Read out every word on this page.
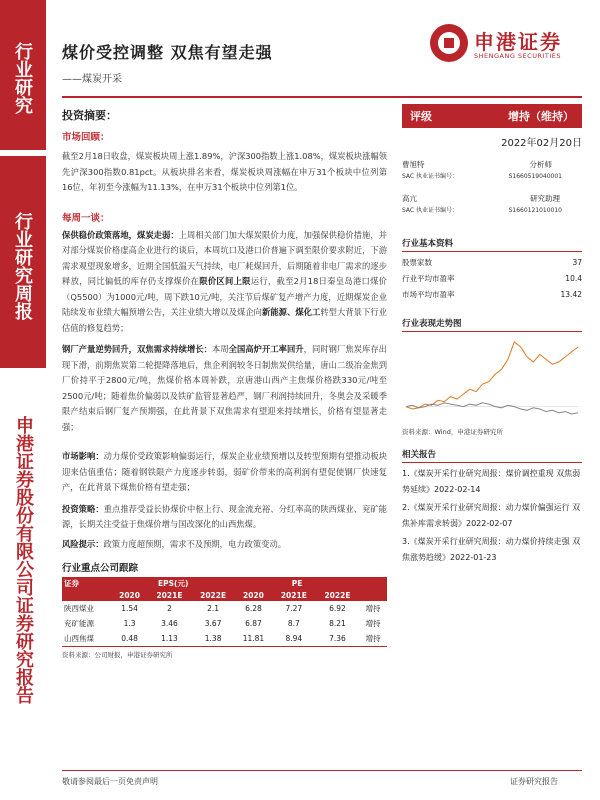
行业研究
行业研究周报
申港证券股份有限公司证券研究报告
煤价受控调整 双焦有望走强
——煤炭开采
申港证券
SHENGANG SECURITIES
投资摘要：
市场回顾：

截至2月18日收盘，煤炭板块周上涨1.89%，沪深300指数上涨1.08%，煤炭板块涨幅领先沪深300指数0.81pct。从板块排名来看，煤炭板块周涨幅在申万31个板块中位列第16位，年初至今涨幅为11.13%，在申万31个板块中位列第1位。

每周一谈：

保供稳价政策落地，煤炭走弱：上周相关部门加大煤炭限价力度，加强保供稳价措施，并对部分煤炭价格虚高企业进行约谈后，本周坑口及港口价普遍下调至限价要求附近，下游需求观望现象增多，近期全国低温天气持续，电厂耗煤回升，后期随着非电厂需求的逐步释放，同比偏低的库存仍支撑煤价在限价区间上限运行，截至2月18日秦皇岛港口煤价（Q5500）为1000元/吨，周下跌10元/吨，关注节后煤矿复产增产力度，近期煤炭企业陆续发布业绩大幅预增公告，关注业绩大增以及煤企向新能源、煤化工转型大背景下行业估值的修复趋势；

钢厂产量逆势回升，双焦需求持续增长：本周全国高炉开工率回升，同时钢厂焦炭库存出现下滑，前期焦炭第二轮提降落地后，焦企利润较冬日制焦炭供给量，唐山二级冶金焦到厂价持平于2800元/吨，焦煤价格本周补跌，京唐港山西产主焦煤价格跌330元/吨至2500元/吨；随着焦价偏弱以及铁矿监管显著趋严，钢厂利润持续回升，冬奥会及采暖季限产结束后钢厂复产预期强，在此背景下双焦需求有望迎来持续增长，价格有望显著走强；

市场影响：动力煤价受政策影响偏弱运行，煤炭企业业绩预增以及转型预期有望推动板块迎来估值重估；随着钢铁限产力度逐步转弱，弱矿价带来的高利润有望促使钢厂快速复产，在此背景下煤焦价格有望走强；

投资策略：重点推荐受益长协煤价中枢上行、现金流充裕、分红率高的陕西煤业、兖矿能源，长期关注受益于焦煤价增与国改深化的山西焦煤。

风险提示：政策力度超预期，需求不及预期，电力政策变动。

行业重点公司跟踪
证券	EPS(元)			PE			
	2020	2021E	2022E	2020	2021E	2022E	
陕西煤业	1.54	2	2.1	6.28	7.27	6.92	增持
兖矿能源	1.3	3.46	3.67	6.87	8.7	8.21	增持
山西焦煤	0.48	1.13	1.38	11.81	8.94	7.36	增持
资料来源：公司财报，申港证券研究所
评级	增持（维持）
2022年02月20日
曹旭特	分析师
SAC 执业证书编号：	S1660519040001
高亢	研究助理
SAC 执业证书编号：	S1660121010010
行业基本资料
股票家数	37
行业平均市盈率	10.4
市场平均市盈率	13.42
行业表现走势图
资料来源：Wind，申港证券研究所
相关报告
1.《煤炭开采行业研究周报：煤价调控重现 双焦弱势延续》2022-02-14
2.《煤炭开采行业研究周报：动力煤价偏强运行 双焦补库需求转弱》2022-02-07
3.《煤炭开采行业研究周报：动力煤价持续走强 双焦涨势趋缓》2022-01-23
敬请参阅最后一页免责声明	证券研究报告
